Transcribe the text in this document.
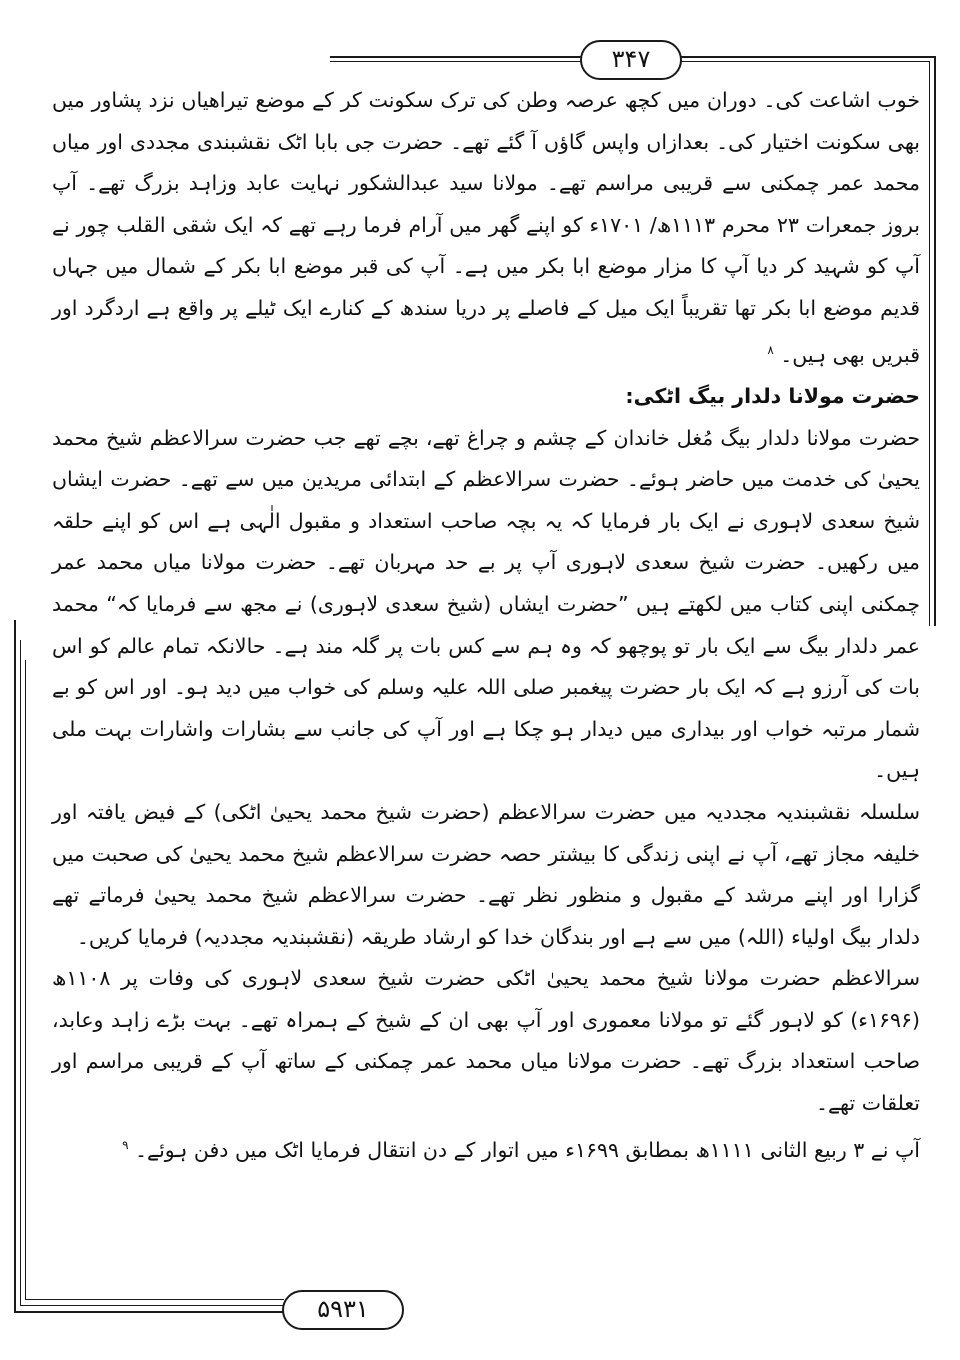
۳۴۷
۵۹۳۱

خوب اشاعت کی۔ دوران میں کچھ عرصہ وطن کی ترک سکونت کر کے موضع تیراھیاں نزد پشاور میں بھی سکونت اختیار کی۔ بعدازاں واپس گاؤں آ گئے تھے۔ حضرت جی بابا اٹک نقشبندی مجددی اور میاں محمد عمر چمکنی سے قریبی مراسم تھے۔ مولانا سید عبدالشکور نہایت عابد وزاہد بزرگ تھے۔ آپ بروز جمعرات ۲۳ محرم ۱۱۱۳ھ/ ۱۷۰۱ء کو اپنے گھر میں آرام فرما رہے تھے کہ ایک شقی القلب چور نے آپ کو شہید کر دیا آپ کا مزار موضع ابا بکر میں ہے۔ آپ کی قبر موضع ابا بکر کے شمال میں جہاں قدیم موضع ابا بکر تھا تقریباً ایک میل کے فاصلے پر دریا سندھ کے کنارے ایک ٹیلے پر واقع ہے اردگرد اور قبریں بھی ہیں۔ $^۸$

حضرت مولانا دلدار بیگ اٹکی:

حضرت مولانا دلدار بیگ مُغل خاندان کے چشم و چراغ تھے، بچے تھے جب حضرت سرالاعظم شیخ محمد یحییٰ کی خدمت میں حاضر ہوئے۔ حضرت سرالاعظم کے ابتدائی مریدین میں سے تھے۔ حضرت ایشاں شیخ سعدی لاہوری نے ایک بار فرمایا کہ یہ بچہ صاحب استعداد و مقبول الٰہی ہے اس کو اپنے حلقہ میں رکھیں۔ حضرت شیخ سعدی لاہوری آپ پر بے حد مہربان تھے۔ حضرت مولانا میاں محمد عمر چمکنی اپنی کتاب میں لکھتے ہیں ”حضرت ایشاں (شیخ سعدی لاہوری) نے مجھ سے فرمایا کہ“ محمد عمر دلدار بیگ سے ایک بار تو پوچھو کہ وہ ہم سے کس بات پر گلہ مند ہے۔ حالانکہ تمام عالم کو اس بات کی آرزو ہے کہ ایک بار حضرت پیغمبر صلی اللہ علیہ وسلم کی خواب میں دید ہو۔ اور اس کو بے شمار مرتبہ خواب اور بیداری میں دیدار ہو چکا ہے اور آپ کی جانب سے بشارات واشارات بہت ملی ہیں۔

سلسلہ نقشبندیہ مجددیہ میں حضرت سرالاعظم (حضرت شیخ محمد یحییٰ اٹکی) کے فیض یافتہ اور خلیفہ مجاز تھے، آپ نے اپنی زندگی کا بیشتر حصہ حضرت سرالاعظم شیخ محمد یحییٰ کی صحبت میں گزارا اور اپنے مرشد کے مقبول و منظور نظر تھے۔ حضرت سرالاعظم شیخ محمد یحییٰ فرماتے تھے دلدار بیگ اولیاء (اللہ) میں سے ہے اور بندگان خدا کو ارشاد طریقہ (نقشبندیہ مجددیہ) فرمایا کریں۔

سرالاعظم حضرت مولانا شیخ محمد یحییٰ اٹکی حضرت شیخ سعدی لاہوری کی وفات پر ۱۱۰۸ھ (۱۶۹۶ء) کو لاہور گئے تو مولانا معموری اور آپ بھی ان کے شیخ کے ہمراہ تھے۔ بہت بڑے زاہد وعابد، صاحب استعداد بزرگ تھے۔ حضرت مولانا میاں محمد عمر چمکنی کے ساتھ آپ کے قریبی مراسم اور تعلقات تھے۔

آپ نے ۳ ربیع الثانی ۱۱۱۱ھ بمطابق ۱۶۹۹ء میں اتوار کے دن انتقال فرمایا اٹک میں دفن ہوئے۔ $^۹$
